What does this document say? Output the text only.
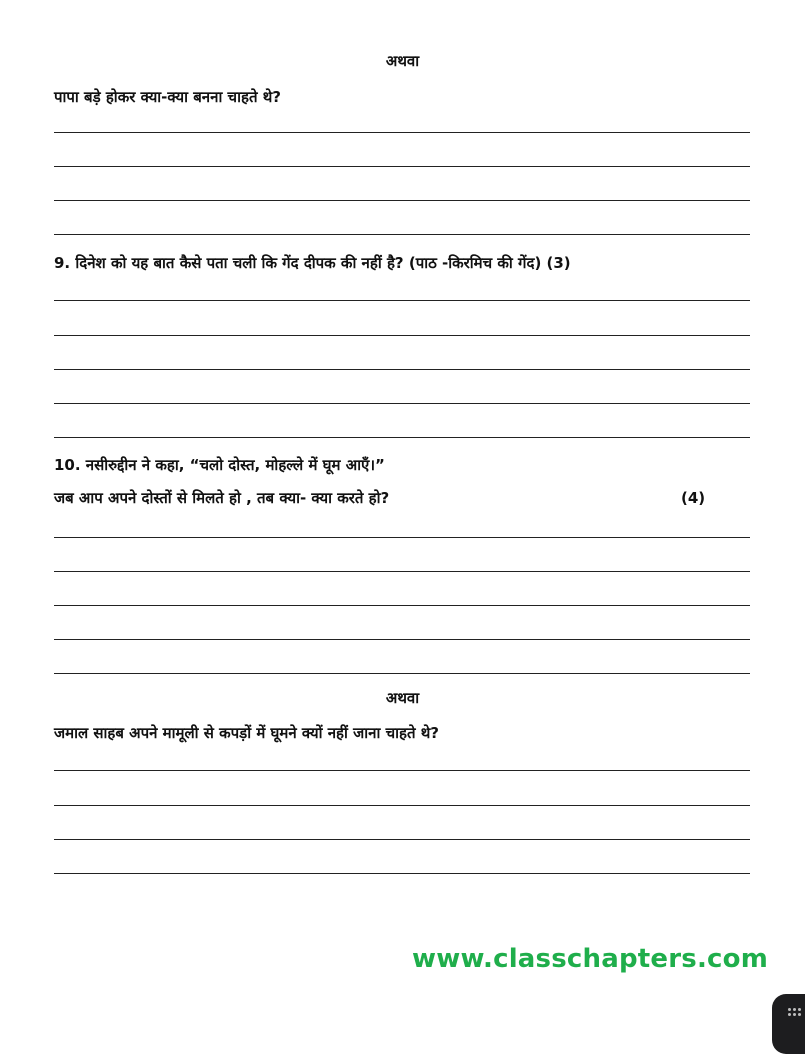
अथवा
पापा बड़े होकर क्या-क्या बनना चाहते थे?
9. दिनेश को यह बात कैसे पता चली कि गेंद दीपक की नहीं है? (पाठ -किरमिच की गेंद) (3)
10. नसीरुद्दीन ने कहा, “चलो दोस्त, मोहल्ले में घूम आएँ।”
जब आप अपने दोस्तों से मिलते हो , तब क्या- क्या करते हो?	(4)
अथवा
जमाल साहब अपने मामूली से कपड़ों में घूमने क्यों नहीं जाना चाहते थे?
www.classchapters.com
